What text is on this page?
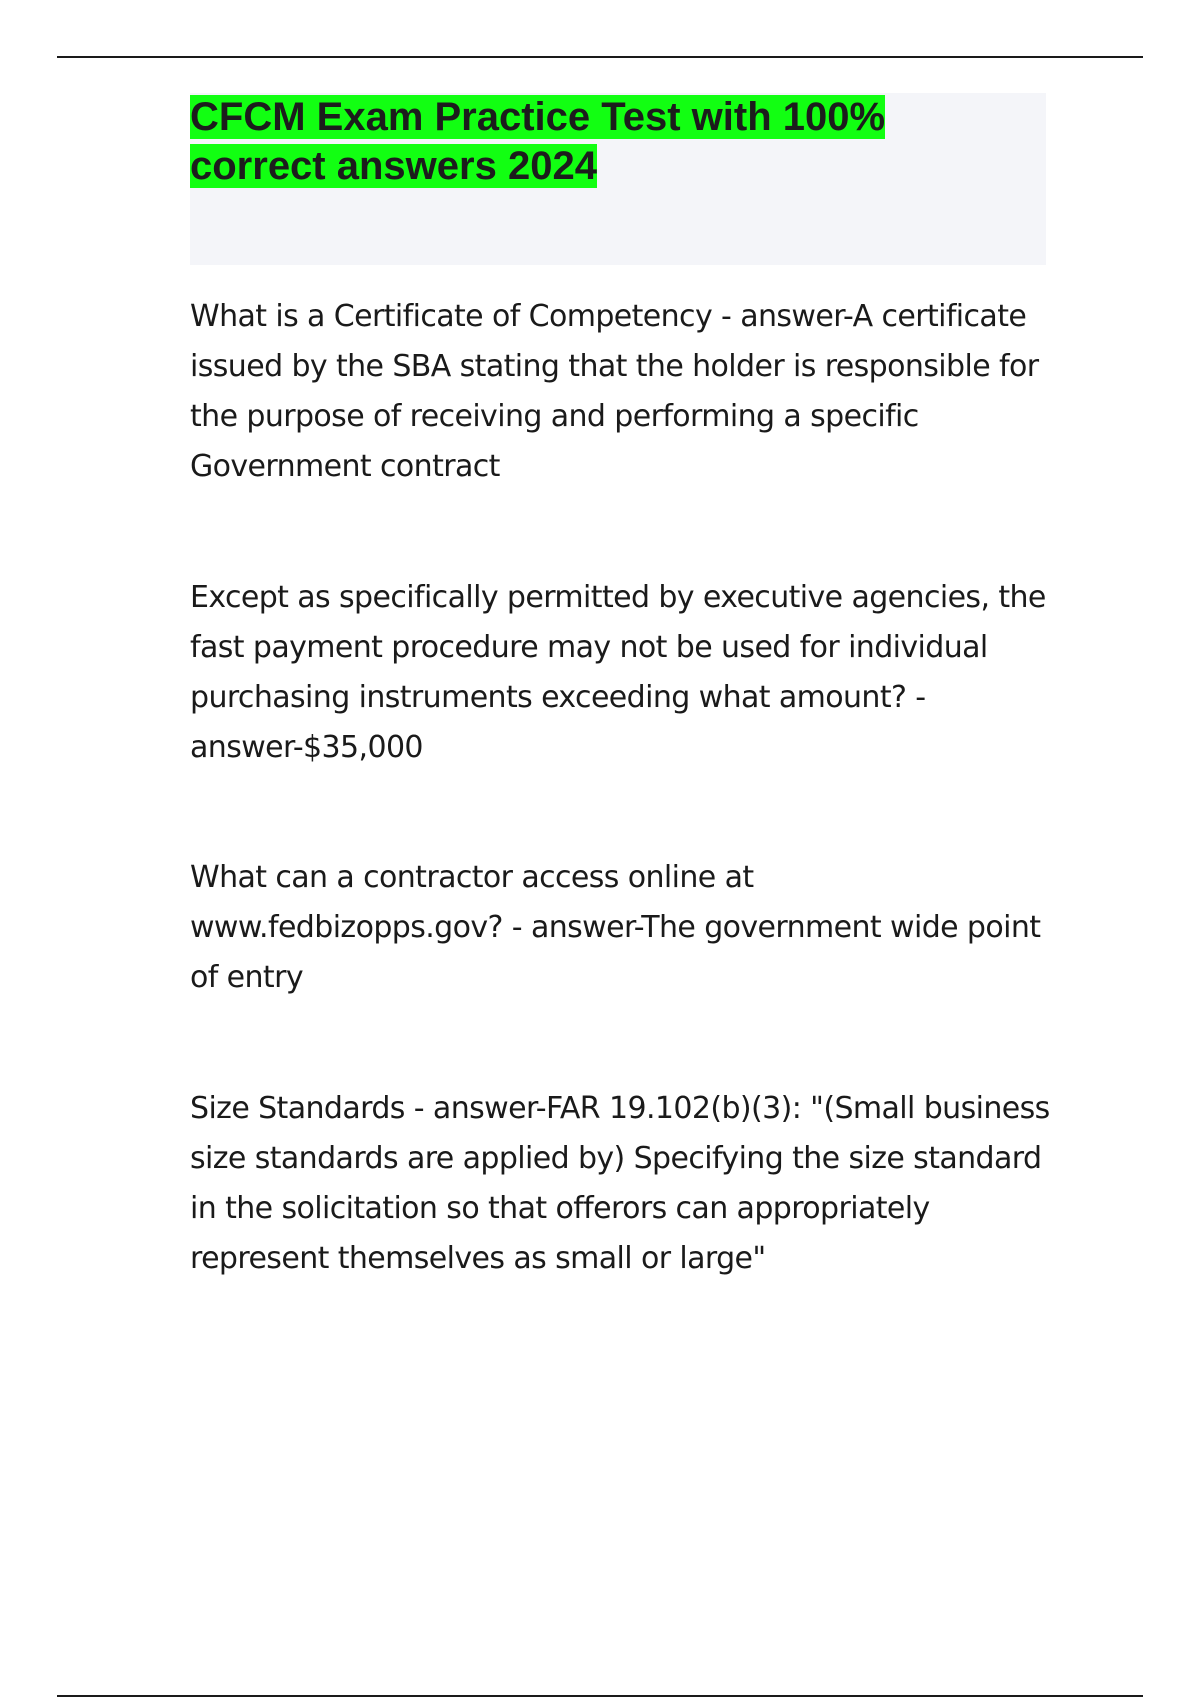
CFCM Exam Practice Test with 100% correct answers 2024

What is a Certificate of Competency - answer-A certificate issued by the SBA stating that the holder is responsible for the purpose of receiving and performing a specific Government contract

Except as specifically permitted by executive agencies, the fast payment procedure may not be used for individual purchasing instruments exceeding what amount? - answer-$35,000

What can a contractor access online at www.fedbizopps.gov? - answer-The government wide point of entry

Size Standards - answer-FAR 19.102(b)(3): "(Small business size standards are applied by) Specifying the size standard in the solicitation so that offerors can appropriately represent themselves as small or large"
